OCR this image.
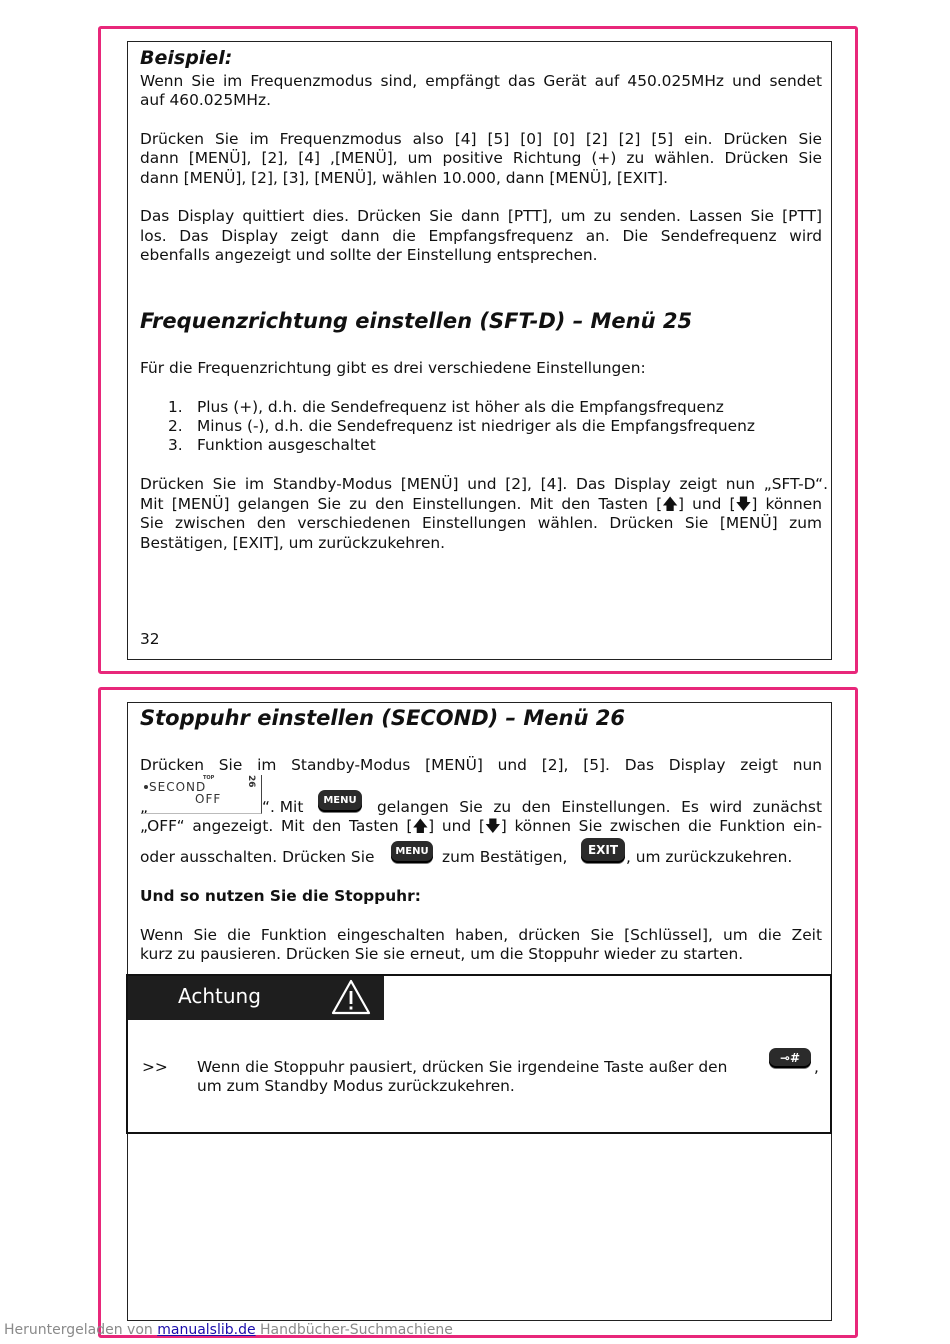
Beispiel:
Wenn Sie im Frequenzmodus sind, empfängt das Gerät auf 450.025MHz und sendet
auf 460.025MHz.
Drücken Sie im Frequenzmodus also [4] [5] [0] [0] [2] [2] [5] ein. Drücken Sie
dann [MENÜ], [2], [4] ,[MENÜ], um positive Richtung (+) zu wählen. Drücken Sie
dann [MENÜ], [2], [3], [MENÜ], wählen 10.000, dann [MENÜ], [EXIT].
Das Display quittiert dies. Drücken Sie dann [PTT], um zu senden. Lassen Sie [PTT]
los. Das Display zeigt dann die Empfangsfrequenz an. Die Sendefrequenz wird
ebenfalls angezeigt und sollte der Einstellung entsprechen.
Frequenzrichtung einstellen (SFT-D) – Menü 25
Für die Frequenzrichtung gibt es drei verschiedene Einstellungen:
1. Plus (+), d.h. die Sendefrequenz ist höher als die Empfangsfrequenz
2. Minus (-), d.h. die Sendefrequenz ist niedriger als die Empfangsfrequenz
3. Funktion ausgeschaltet
Drücken Sie im Standby-Modus [MENÜ] und [2], [4]. Das Display zeigt nun „SFT-D“.
Mit [MENÜ] gelangen Sie zu den Einstellungen. Mit den Tasten [🡅] und [🡇] können
Sie zwischen den verschiedenen Einstellungen wählen. Drücken Sie [MENÜ] zum
Bestätigen, [EXIT], um zurückzukehren.
32
Stoppuhr einstellen (SECOND) – Menü 26
Drücken Sie im Standby-Modus [MENÜ] und [2], [5]. Das Display zeigt nun
„
TOP
SECOND
OFF
26
“. Mit	MENU	gelangen Sie zu den Einstellungen. Es wird zunächst
„OFF“ angezeigt. Mit den Tasten [🡅] und [🡇] können Sie zwischen die Funktion ein-
oder ausschalten. Drücken Sie	MENU zum Bestätigen,	EXIT , um zurückzukehren.
Und so nutzen Sie die Stoppuhr:
Wenn Sie die Funktion eingeschalten haben, drücken Sie [Schlüssel], um die Zeit
kurz zu pausieren. Drücken Sie sie erneut, um die Stoppuhr wieder zu starten.
Achtung
>> Wenn die Stoppuhr pausiert, drücken Sie irgendeine Taste außer den	⊸# ,
um zum Standby Modus zurückzukehren.
Heruntergeladen von manualslib.de Handbücher-Suchmachiene
